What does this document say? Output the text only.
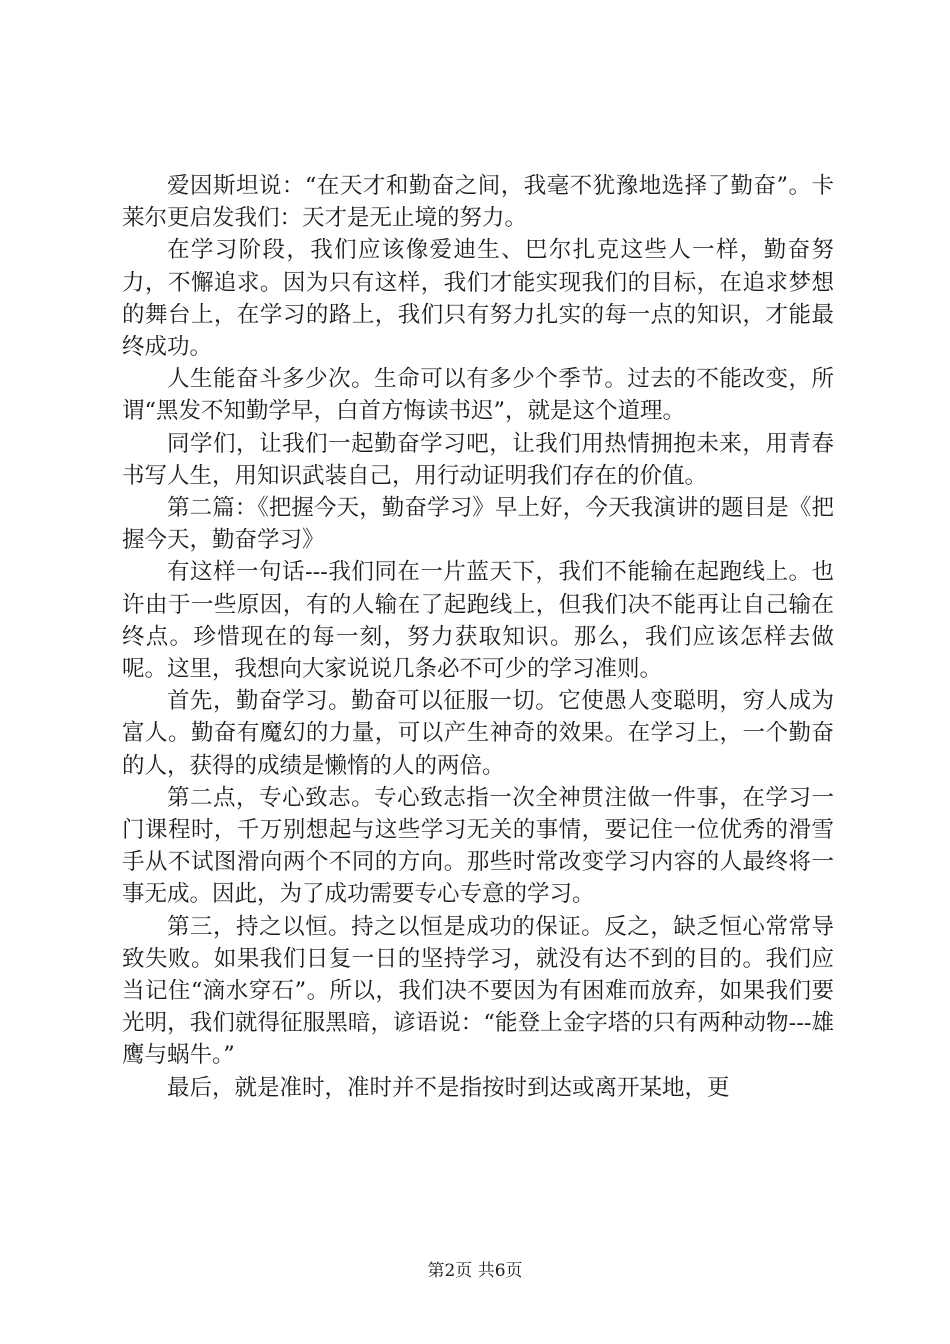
爱因斯坦说：“在天才和勤奋之间，我毫不犹豫地选择了勤奋”。卡莱尔更启发我们：天才是无止境的努力。

在学习阶段，我们应该像爱迪生、巴尔扎克这些人一样，勤奋努力，不懈追求。因为只有这样，我们才能实现我们的目标，在追求梦想的舞台上，在学习的路上，我们只有努力扎实的每一点的知识，才能最终成功。

人生能奋斗多少次。生命可以有多少个季节。过去的不能改变，所谓“黑发不知勤学早，白首方悔读书迟”，就是这个道理。

同学们，让我们一起勤奋学习吧，让我们用热情拥抱未来，用青春书写人生，用知识武装自己，用行动证明我们存在的价值。

第二篇：《把握今天，勤奋学习》早上好，今天我演讲的题目是《把握今天，勤奋学习》

有这样一句话---我们同在一片蓝天下，我们不能输在起跑线上。也许由于一些原因，有的人输在了起跑线上，但我们决不能再让自己输在终点。珍惜现在的每一刻，努力获取知识。那么，我们应该怎样去做呢。这里，我想向大家说说几条必不可少的学习准则。

首先，勤奋学习。勤奋可以征服一切。它使愚人变聪明，穷人成为富人。勤奋有魔幻的力量，可以产生神奇的效果。在学习上，一个勤奋的人，获得的成绩是懒惰的人的两倍。

第二点，专心致志。专心致志指一次全神贯注做一件事，在学习一门课程时，千万别想起与这些学习无关的事情，要记住一位优秀的滑雪手从不试图滑向两个不同的方向。那些时常改变学习内容的人最终将一事无成。因此，为了成功需要专心专意的学习。

第三，持之以恒。持之以恒是成功的保证。反之，缺乏恒心常常导致失败。如果我们日复一日的坚持学习，就没有达不到的目的。我们应当记住“滴水穿石”。所以，我们决不要因为有困难而放弃，如果我们要光明，我们就得征服黑暗，谚语说：“能登上金字塔的只有两种动物---雄鹰与蜗牛。”

最后，就是准时，准时并不是指按时到达或离开某地，更

第2页 共6页
